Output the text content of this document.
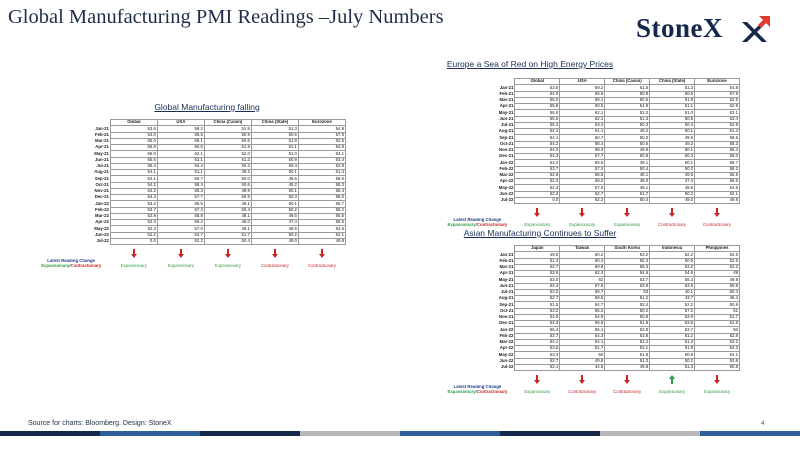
Global Manufacturing PMI Readings –July Numbers	StoneX
Global Manufacturing falling
	Global	USA	China (Caixin)	China (State)	Eurozone
Jan-21	53.6	59.2	51.5	51.3	54.8
Feb-21	54.0	58.6	50.9	50.6	57.9
Mar-21	55.0	59.1	50.6	51.9	62.5
Apr-21	55.8	60.5	51.9	51.1	62.9
May-21	56.0	62.1	52.0	51.0	63.1
Jun-21	55.5	62.1	51.3	50.9	63.4
Jul-21	55.4	63.4	50.3	50.4	62.8
Aug-21	54.1	61.1	49.2	50.1	61.4
Sep-21	54.1	60.7	50.0	49.6	58.6
Oct-21	54.2	58.4	50.6	49.2	58.3
Nov-21	54.2	58.3	49.9	50.1	58.4
Dec-21	54.3	57.7	50.9	50.3	58.0
Jan-22	53.2	55.5	49.1	50.1	58.7
Feb-22	53.7	57.3	50.4	50.2	58.2
Mar-22	52.9	58.8	48.1	49.5	56.5
Apr-22	52.3	59.2	46.0	47.4	55.5
May-22	52.3	57.0	48.1	49.6	54.6
Jun-22	52.2	52.7	51.7	50.2	52.1
Jul-22	0.0	52.2	50.4	49.0	49.8

Latest Reading Change					
Expansionary/Contractionary	Expansionary	Expansionary	Expansionary	Contractionary	Contractionary
Europe a Sea of Red on High Energy Prices
	Global	USA	China (Caixin)	China (State)	Eurozone
Jan-21	53.6	59.2	51.5	51.3	54.8
Feb-21	54.0	58.6	50.9	50.6	57.9
Mar-21	55.0	59.1	50.6	51.9	62.5
Apr-21	55.8	60.5	51.9	51.1	62.9
May-21	56.0	62.1	52.0	51.0	63.1
Jun-21	55.5	62.1	51.3	50.9	63.4
Jul-21	55.4	63.4	50.3	50.4	62.8
Aug-21	54.1	61.1	49.2	50.1	61.4
Sep-21	54.1	60.7	50.0	49.6	58.6
Oct-21	54.2	58.4	50.6	49.2	58.3
Nov-21	54.2	58.3	49.9	50.1	58.4
Dec-21	54.3	57.7	50.9	50.3	58.0
Jan-22	53.2	55.5	49.1	50.1	58.7
Feb-22	53.7	57.3	50.4	50.2	58.2
Mar-22	52.9	58.8	48.1	49.5	56.5
Apr-22	52.3	59.2	46.0	47.4	55.5
May-22	52.3	57.0	48.1	49.6	54.6
Jun-22	52.2	52.7	51.7	50.2	52.1
Jul-22	0.0	52.2	50.4	49.0	49.8

Latest Reading Change					
Expansionary/Contractionary	Expansionary	Expansionary	Expansionary	Contractionary	Contractionary
Asian Manufacturing Continues to Suffer
	Japan	Taiwan	South Korea	Indonesia	Philippines
Jan-21	49.8	60.2	53.2	52.2	52.5
Feb-21	51.4	60.4	55.3	50.9	52.5
Mar-21	52.7	60.8	55.3	53.2	52.2
Apr-21	53.6	62.4	54.6	54.6	49
May-21	53.0	62	53.7	55.3	49.9
Jun-21	52.4	57.6	53.9	53.5	50.8
Jul-21	53.0	59.7	53	40.1	50.4
Aug-21	52.7	58.5	51.2	43.7	46.4
Sep-21	51.5	54.7	52.4	52.2	50.9
Oct-21	53.2	55.2	50.2	57.2	51
Nov-21	54.5	54.9	50.9	53.9	51.7
Dec-21	54.3	55.5	51.9	53.5	51.8
Jan-22	55.4	55.1	52.8	53.7	50
Feb-22	52.7	54.3	53.8	51.2	52.8
Mar-22	54.1	54.1	51.2	51.3	53.2
Apr-22	53.5	51.7	52.1	51.9	54.3
May-22	53.3	50	51.8	50.8	54.1
Jun-22	52.7	49.8	51.3	50.2	53.8
Jul-22	52.1	44.6	49.8	51.3	50.8

Latest Reading Change					
Expansionary/Contractionary	Expansionary	Contractionary	Contractionary	Expansionary	Expansionary
Source for charts: Bloomberg. Design: StoneX	4
